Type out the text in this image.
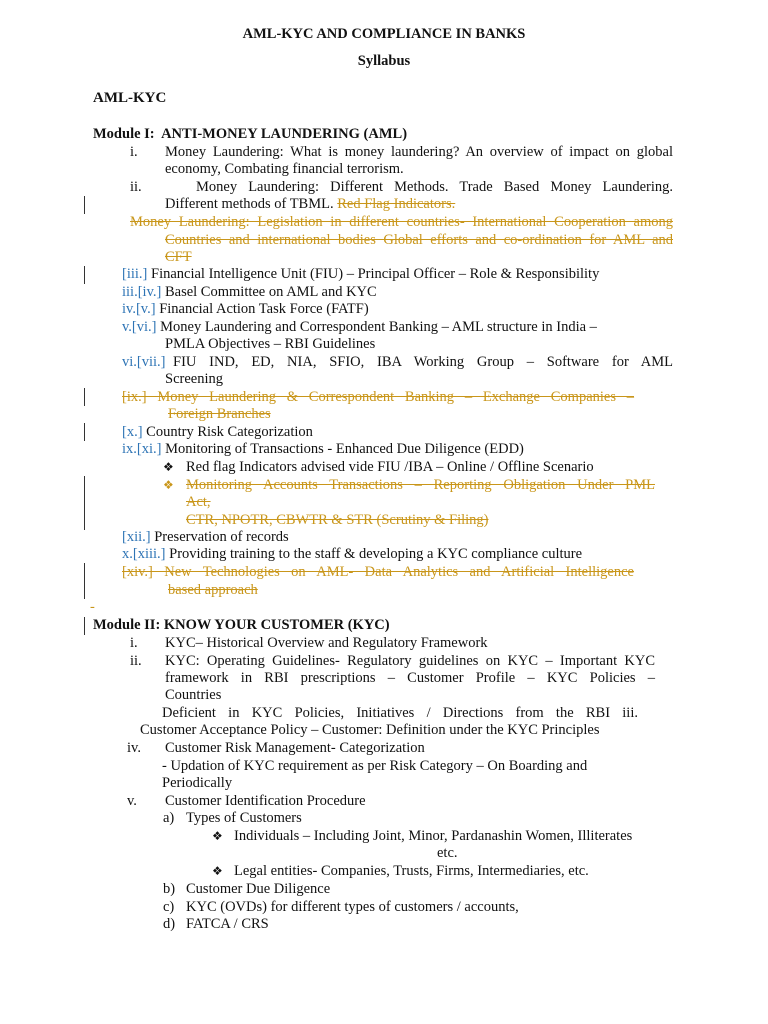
AML-KYC AND COMPLIANCE IN BANKS
Syllabus
AML-KYC
Module I:  ANTI-MONEY LAUNDERING (AML)
i. Money Laundering: What is money laundering? An overview of impact on global
economy, Combating financial terrorism.
ii.	Money Laundering: Different Methods. Trade Based Money Laundering.
Different methods of TBML. Red Flag Indicators.
Money Laundering: Legislation in different countries- International Cooperation among
Countries and international bodies Global efforts and co-ordination for AML and
CFT
[iii.] Financial Intelligence Unit (FIU) – Principal Officer – Role & Responsibility
iii.[iv.] Basel Committee on AML and KYC
iv.[v.] Financial Action Task Force (FATF)
v.[vi.] Money Laundering and Correspondent Banking – AML structure in India –
PMLA Objectives – RBI Guidelines
vi.[vii.] FIU IND, ED, NIA, SFIO, IBA Working Group – Software for AML
Screening
[ix.] Money Laundering & Correspondent Banking – Exchange Companies –
Foreign Branches
[x.] Country Risk Categorization
ix.[xi.] Monitoring of Transactions - Enhanced Due Diligence (EDD)
❖ Red flag Indicators advised vide FIU /IBA – Online / Offline Scenario
❖ Monitoring Accounts Transactions – Reporting Obligation Under PML
Act,
CTR, NPOTR, CBWTR & STR (Scrutiny & Filing)
[xii.] Preservation of records
x.[xiii.] Providing training to the staff & developing a KYC compliance culture
[xiv.] New Technologies on AML- Data Analytics and Artificial Intelligence
based approach
-
Module II: KNOW YOUR CUSTOMER (KYC)
i. KYC– Historical Overview and Regulatory Framework
ii. KYC: Operating Guidelines- Regulatory guidelines on KYC – Important KYC
framework in RBI prescriptions – Customer Profile – KYC Policies –
Countries
Deficient in KYC Policies, Initiatives / Directions from the RBI iii.
Customer Acceptance Policy – Customer: Definition under the KYC Principles
iv. Customer Risk Management- Categorization
- Updation of KYC requirement as per Risk Category – On Boarding and
Periodically
v. Customer Identification Procedure
a) Types of Customers
❖ Individuals – Including Joint, Minor, Pardanashin Women, Illiterates
etc.
❖ Legal entities- Companies, Trusts, Firms, Intermediaries, etc.
b) Customer Due Diligence
c) KYC (OVDs) for different types of customers / accounts,
d) FATCA / CRS
